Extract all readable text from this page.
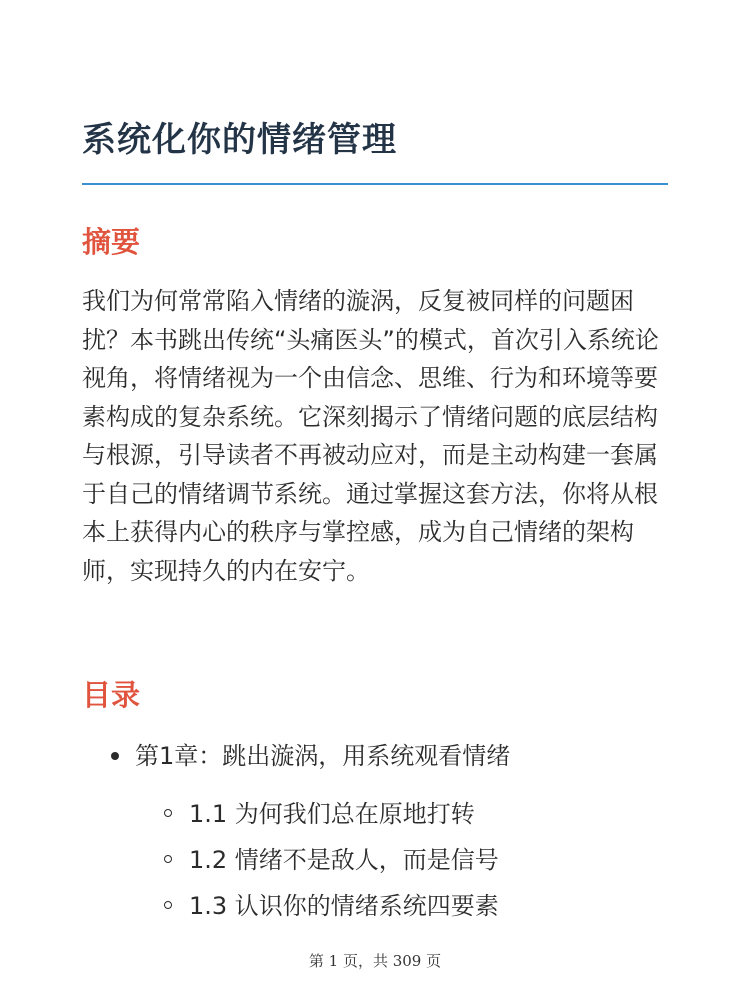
系统化你的情绪管理
摘要

我们为何常常陷入情绪的漩涡，反复被同样的问题困扰？本书跳出传统“头痛医头”的模式，首次引入系统论视角，将情绪视为一个由信念、思维、行为和环境等要素构成的复杂系统。它深刻揭示了情绪问题的底层结构与根源，引导读者不再被动应对，而是主动构建一套属于自己的情绪调节系统。通过掌握这套方法，你将从根本上获得内心的秩序与掌控感，成为自己情绪的架构师，实现持久的内在安宁。

目录
第1章：跳出漩涡，用系统观看情绪
1.1 为何我们总在原地打转
1.2 情绪不是敌人，而是信号
1.3 认识你的情绪系统四要素
第 1 页，共 309 页
